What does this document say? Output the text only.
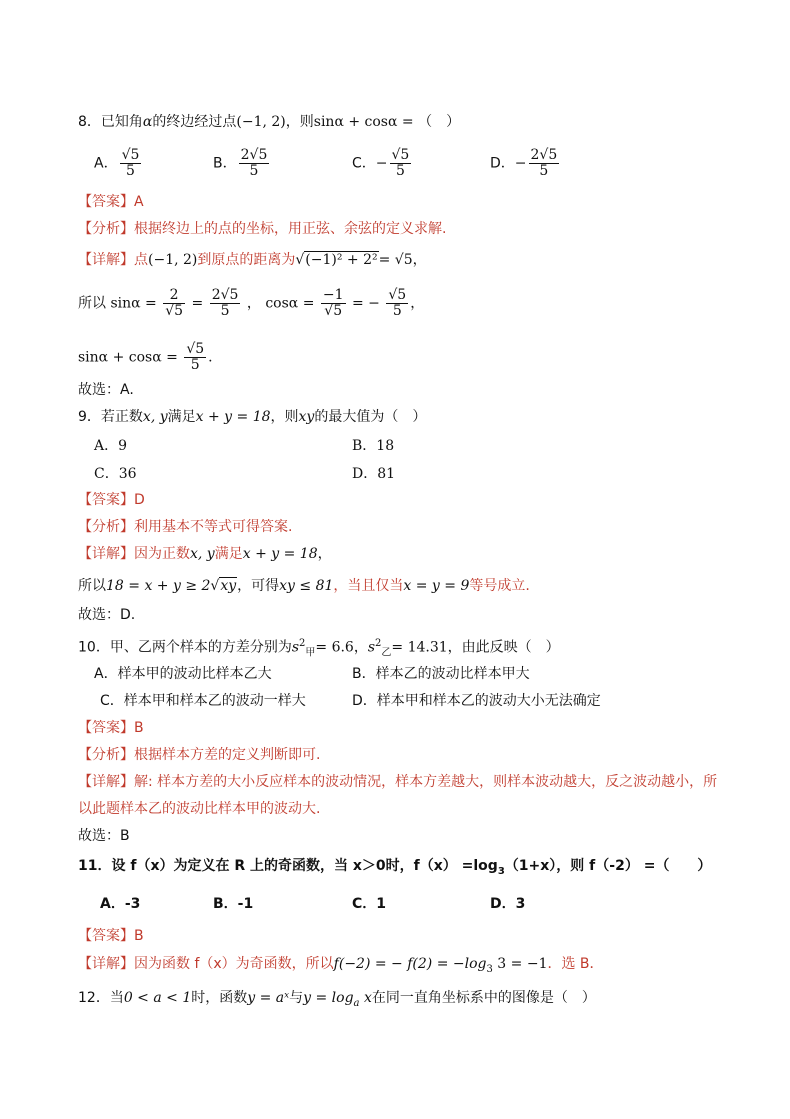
8．已知角α的终边经过点(−1, 2)，则sinα + cosα = （　）
A． $\frac{√5}{5}$	B． $\frac{2√5}{5}$	C．− $\frac{√5}{5}$	D．− $\frac{2√5}{5}$
【答案】A
【分析】根据终边上的点的坐标，用正弦、余弦的定义求解.
【详解】点(−1, 2)到原点的距离为√(−1)² + 2²= √5，
所以 $\sin\alpha = \frac{2}{√5} = \frac{2√5}{5}$ ， $\cos\alpha = \frac{-1}{√5}$ = − $\frac{√5}{5}$ ，
$\sin\alpha + \cos\alpha = \frac{√5}{5}$ .
故选：A.
9．若正数x, y满足x + y = 18，则xy的最大值为（　）
A．9	B．18
C．36	D．81
【答案】D
【分析】利用基本不等式可得答案.
【详解】因为正数x, y满足x + y = 18，
所以18 = x + y ≥ 2√xy，可得xy ≤ 81，当且仅当x = y = 9等号成立.
故选：D.
10．甲、乙两个样本的方差分别为$s^2_甲= 6.6$，$s^2_乙= 14.31$，由此反映（　）
A．样本甲的波动比样本乙大	B．样本乙的波动比样本甲大
C．样本甲和样本乙的波动一样大	D．样本甲和样本乙的波动大小无法确定
【答案】B
【分析】根据样本方差的定义判断即可.
【详解】解: 样本方差的大小反应样本的波动情况，样本方差越大，则样本波动越大，反之波动越小，所
以此题样本乙的波动比样本甲的波动大.
故选：B
11．设 f（x）为定义在 R 上的奇函数，当 x＞0时，$f(x) =\log_3(1+x)$，则 f（-2） =（　　）
A．-3	B．-1	C．1	D．3
【答案】B
【详解】因为函数 f（x）为奇函数，所以f(−2) = − $f(2) = -\log_3$ 3 = −1．选 B．
12．当0 < a < 1时，函数y = aˣ与$y = \log_a x$在同一直角坐标系中的图像是（　）
